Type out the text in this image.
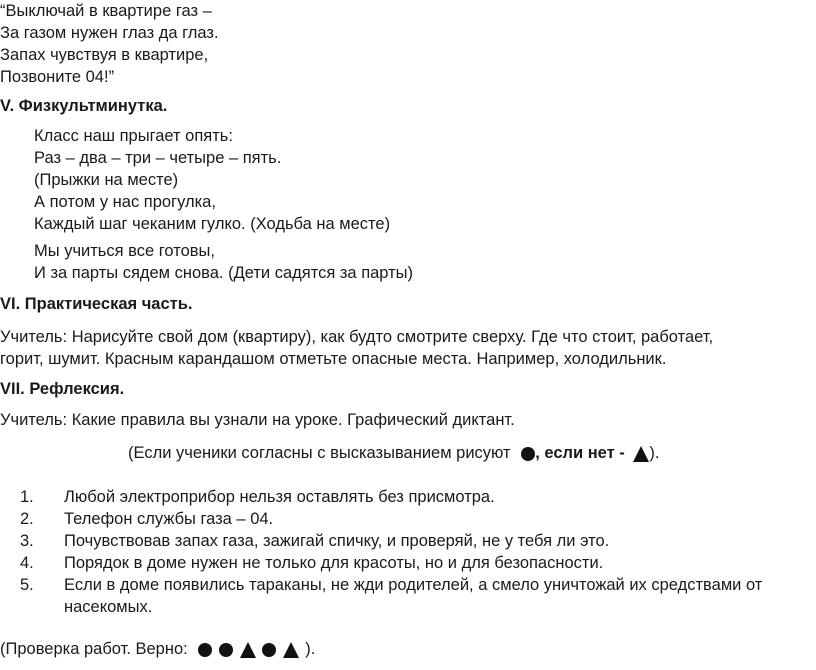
“Выключай в квартире газ –
За газом нужен глаз да глаз.
Запах чувствуя в квартире,
Позвоните 04!”
V. Физкультминутка.
Класс наш прыгает опять:
Раз – два – три – четыре – пять.
(Прыжки на месте)
А потом у нас прогулка,
Каждый шаг чеканим гулко. (Ходьба на месте)
Мы учиться все готовы,
И за парты сядем снова. (Дети садятся за парты)
VI. Практическая часть.
Учитель: Нарисуйте свой дом (квартиру), как будто смотрите сверху. Где что стоит, работает,
горит, шумит. Красным карандашом отметьте опасные места. Например, холодильник.
VII. Рефлексия.
Учитель: Какие правила вы узнали на уроке. Графический диктант.
(Если ученики согласны с высказыванием рисуют , если нет - ).
1. Любой электроприбор нельзя оставлять без присмотра.
2. Телефон службы газа – 04.
3. Почувствовав запах газа, зажигай спичку, и проверяй, не у тебя ли это.
4. Порядок в доме нужен не только для красоты, но и для безопасности.
5. Если в доме появились тараканы, не жди родителей, а смело уничтожай их средствами от насекомых.
(Проверка работ. Верно:	).
